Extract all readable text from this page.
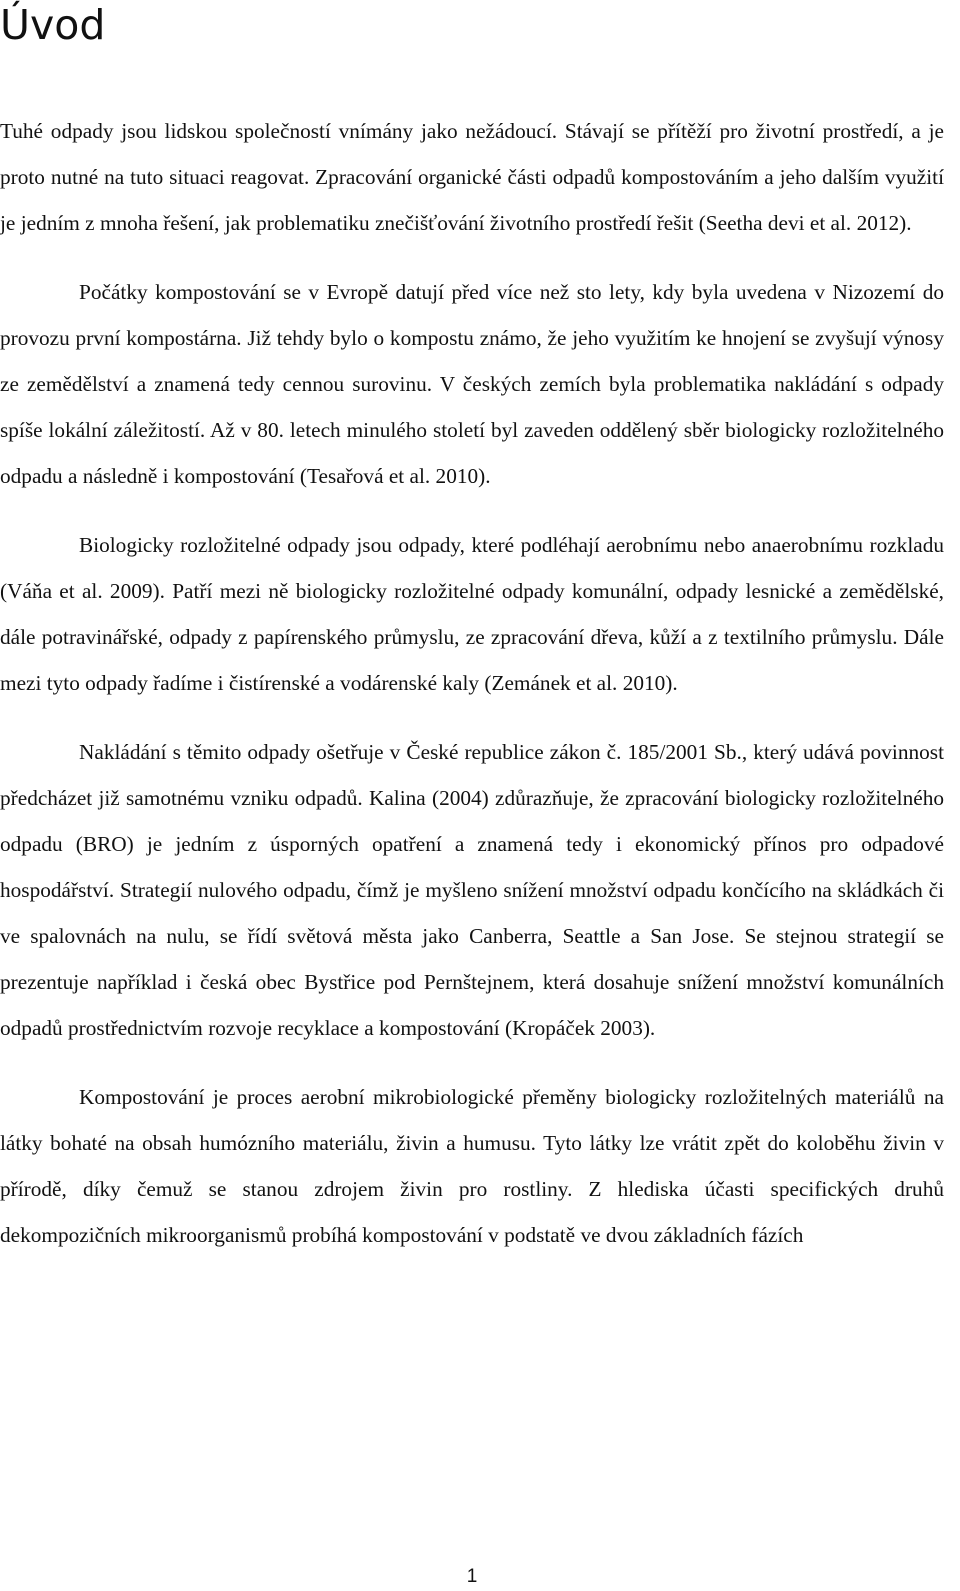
Úvod

Tuhé odpady jsou lidskou společností vnímány jako nežádoucí. Stávají se přítěží pro životní prostředí, a je proto nutné na tuto situaci reagovat. Zpracování organické části odpadů kompostováním a jeho dalším využití je jedním z mnoha řešení, jak problematiku znečišťování životního prostředí řešit (Seetha devi et al. 2012).

Počátky kompostování se v Evropě datují před více než sto lety, kdy byla uvedena v Nizozemí do provozu první kompostárna. Již tehdy bylo o kompostu známo, že jeho využitím ke hnojení se zvyšují výnosy ze zemědělství a znamená tedy cennou surovinu. V českých zemích byla problematika nakládání s odpady spíše lokální záležitostí. Až v 80. letech minulého století byl zaveden oddělený sběr biologicky rozložitelného odpadu a následně i kompostování (Tesařová et al. 2010).

Biologicky rozložitelné odpady jsou odpady, které podléhají aerobnímu nebo anaerobnímu rozkladu (Váňa et al. 2009). Patří mezi ně biologicky rozložitelné odpady komunální, odpady lesnické a zemědělské, dále potravinářské, odpady z papírenského průmyslu, ze zpracování dřeva, kůží a z textilního průmyslu. Dále mezi tyto odpady řadíme i čistírenské a vodárenské kaly (Zemánek et al. 2010).

Nakládání s těmito odpady ošetřuje v České republice zákon č. 185/2001 Sb., který udává povinnost předcházet již samotnému vzniku odpadů. Kalina (2004) zdůrazňuje, že zpracování biologicky rozložitelného odpadu (BRO) je jedním z úsporných opatření a znamená tedy i ekonomický přínos pro odpadové hospodářství. Strategií nulového odpadu, čímž je myšleno snížení množství odpadu končícího na skládkách či ve spalovnách na nulu, se řídí světová města jako Canberra, Seattle a San Jose. Se stejnou strategií se prezentuje například i česká obec Bystřice pod Pernštejnem, která dosahuje snížení množství komunálních odpadů prostřednictvím rozvoje recyklace a kompostování (Kropáček 2003).

Kompostování je proces aerobní mikrobiologické přeměny biologicky rozložitelných materiálů na látky bohaté na obsah humózního materiálu, živin a humusu. Tyto látky lze vrátit zpět do koloběhu živin v přírodě, díky čemuž se stanou zdrojem živin pro rostliny. Z hlediska účasti specifických druhů dekompozičních mikroorganismů probíhá kompostování v podstatě ve dvou základních fázích

1
